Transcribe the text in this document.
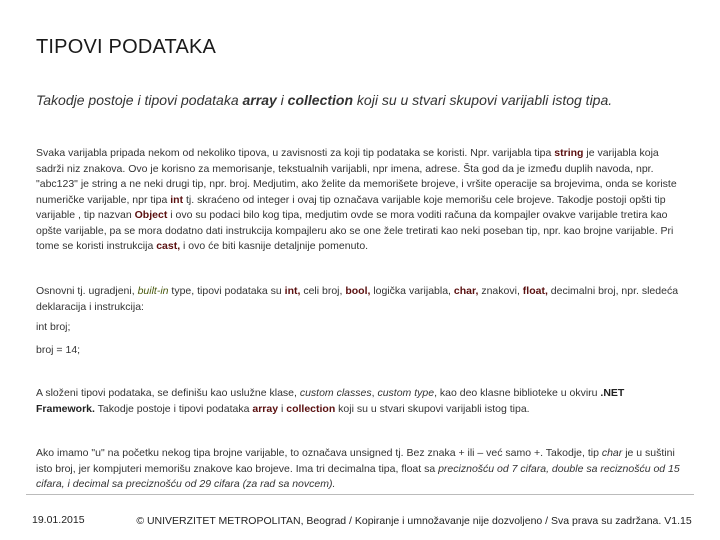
TIPOVI PODATAKA
Takodje postoje i tipovi podataka array i collection koji su u stvari skupovi varijabli istog tipa.
Svaka varijabla pripada nekom od nekoliko tipova, u zavisnosti za koji tip podataka se koristi. Npr. varijabla tipa string je varijabla koja sadrži niz znakova. Ovo je korisno za memorisanje, tekstualnih varijabli, npr imena, adrese. Šta god da je između duplih navoda, npr. "abc123" je string a ne neki drugi tip, npr. broj. Medjutim, ako želite da memorišete brojeve, i vršite operacije sa brojevima, onda se koriste numeričke varijable, npr tipa int tj. skraćeno od integer i ovaj tip označava varijable koje memorišu cele brojeve. Takodje postoji opšti tip varijable , tip nazvan Object i ovo su podaci bilo kog tipa, medjutim ovde se mora voditi računa da kompajler ovakve varijable tretira kao opšte varijable, pa se mora dodatno dati instrukcija kompajleru ako se one žele tretirati kao neki poseban tip, npr. kao brojne varijable. Pri tome se koristi instrukcija cast, i ovo će biti kasnije detaljnije pomenuto.
Osnovni tj. ugradjeni, built-in type, tipovi podataka su int, celi broj, bool, logička varijabla, char, znakovi, float, decimalni broj, npr. sledeća deklaracija i instrukcija:
int broj;
broj = 14;
A složeni tipovi podataka, se definišu kao uslužne klase, custom classes, custom type, kao deo klasne biblioteke u okviru .NET Framework. Takodje postoje i tipovi podataka array i collection koji su u stvari skupovi varijabli istog tipa.
Ako imamo "u" na početku nekog tipa brojne varijable, to označava unsigned tj. Bez znaka + ili – već samo +. Takodje, tip char je u suštini isto broj, jer kompjuteri memorišu znakove kao brojeve. Ima tri decimalna tipa, float sa preciznošću od 7 cifara, double sa reciznošću od 15 cifara, i decimal sa preciznošću od 29 cifara (za rad sa novcem).
19.01.2015	© UNIVERZITET METROPOLITAN, Beograd / Kopiranje i umnožavanje nije dozvoljeno / Sva prava su zadržana. V1.15
